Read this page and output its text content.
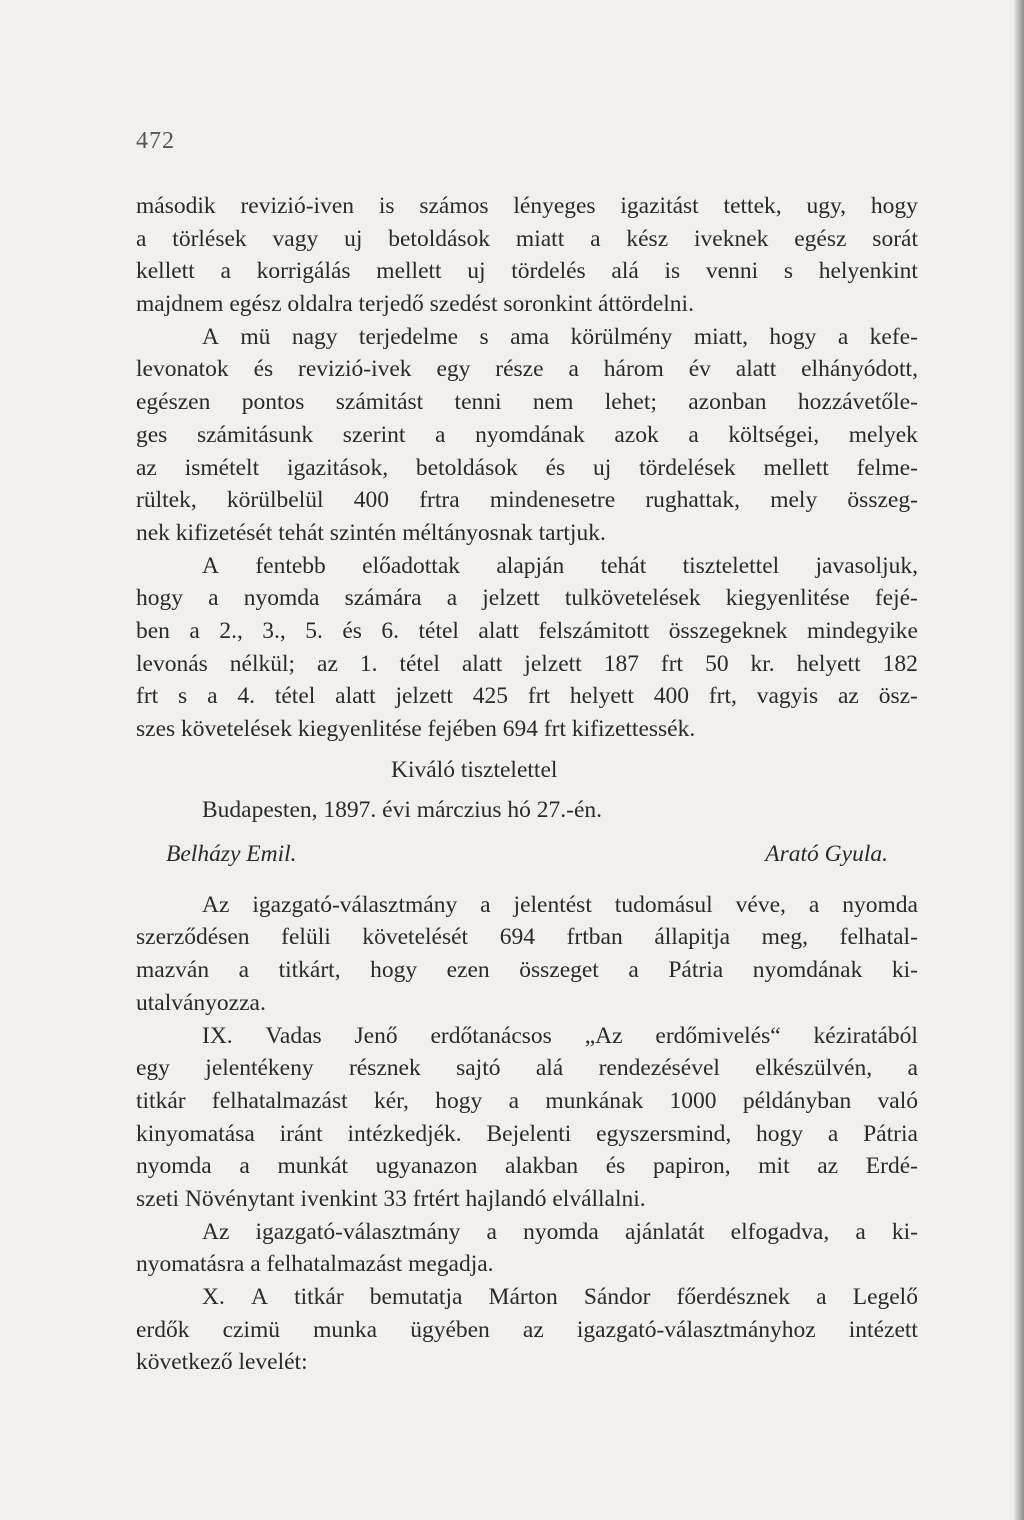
472
második revizió-iven is számos lényeges igazitást tettek, ugy, hogy
a törlések vagy uj betoldások miatt a kész iveknek egész sorát
kellett a korrigálás mellett uj tördelés alá is venni s helyenkint
majdnem egész oldalra terjedő szedést soronkint áttördelni.
A mü nagy terjedelme s ama körülmény miatt, hogy a kefe-
levonatok és revizió-ivek egy része a három év alatt elhányódott,
egészen pontos számitást tenni nem lehet; azonban hozzávetőle-
ges számitásunk szerint a nyomdának azok a költségei, melyek
az ismételt igazitások, betoldások és uj tördelések mellett felme-
rültek, körülbelül 400 frtra mindenesetre rughattak, mely összeg-
nek kifizetését tehát szintén méltányosnak tartjuk.
A fentebb előadottak alapján tehát tisztelettel javasoljuk,
hogy a nyomda számára a jelzett tulkövetelések kiegyenlitése fejé-
ben a 2., 3., 5. és 6. tétel alatt felszámitott összegeknek mindegyike
levonás nélkül; az 1. tétel alatt jelzett 187 frt 50 kr. helyett 182
frt s a 4. tétel alatt jelzett 425 frt helyett 400 frt, vagyis az ösz-
szes követelések kiegyenlitése fejében 694 frt kifizettessék.
Kiváló tisztelettel
Budapesten, 1897. évi márczius hó 27.-én.
Belházy Emil.	Arató Gyula.
Az igazgató-választmány a jelentést tudomásul véve, a nyomda
szerződésen felüli követelését 694 frtban állapitja meg, felhatal-
mazván a titkárt, hogy ezen összeget a Pátria nyomdának ki-
utalványozza.
IX. Vadas Jenő erdőtanácsos „Az erdőmivelés“ kéziratából
egy jelentékeny résznek sajtó alá rendezésével elkészülvén, a
titkár felhatalmazást kér, hogy a munkának 1000 példányban való
kinyomatása iránt intézkedjék. Bejelenti egyszersmind, hogy a Pátria
nyomda a munkát ugyanazon alakban és papiron, mit az Erdé-
szeti Növénytant ivenkint 33 frtért hajlandó elvállalni.
Az igazgató-választmány a nyomda ajánlatát elfogadva, a ki-
nyomatásra a felhatalmazást megadja.
X. A titkár bemutatja Márton Sándor főerdésznek a Legelő
erdők czimü munka ügyében az igazgató-választmányhoz intézett
következő levelét:
